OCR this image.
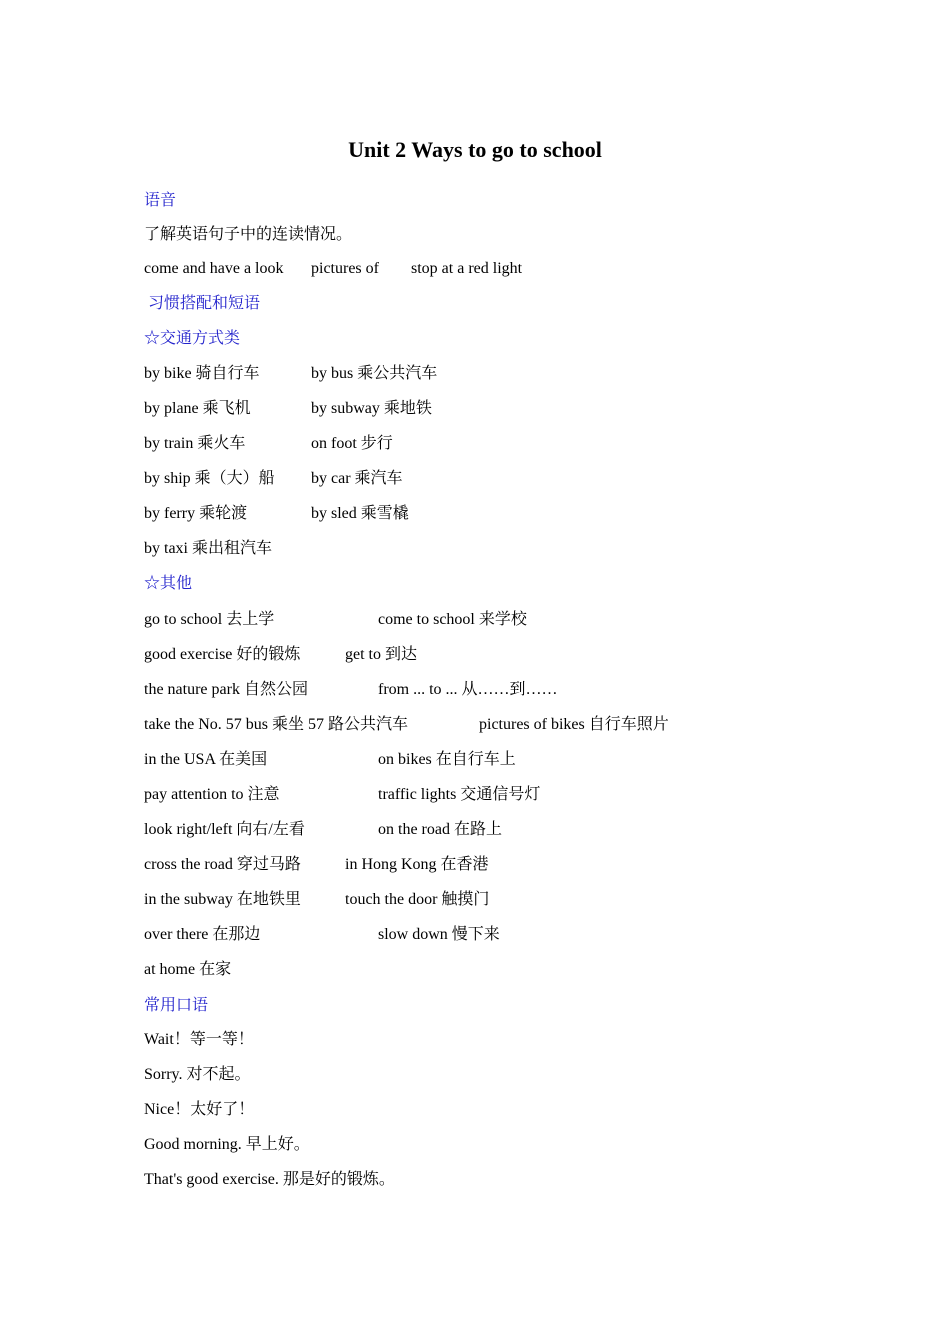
Unit 2 Ways to go to school
语音
了解英语句子中的连读情况。
come and have a look pictures of stop at a red light
习惯搭配和短语
☆交通方式类
by bike 骑自行车	by bus 乘公共汽车
by plane 乘飞机	by subway 乘地铁
by train 乘火车	on foot 步行
by ship 乘（大）船 by car 乘汽车
by ferry 乘轮渡	by sled 乘雪橇
by taxi 乘出租汽车
☆其他
go to school 去上学	come to school 来学校
good exercise 好的锻炼	get to 到达
the nature park 自然公园	from ... to ... 从……到……
take the No. 57 bus 乘坐 57 路公共汽车	pictures of bikes 自行车照片
in the USA 在美国	on bikes 在自行车上
pay attention to 注意	traffic lights 交通信号灯
look right/left 向右/左看	on the road 在路上
cross the road 穿过马路	in Hong Kong 在香港
in the subway 在地铁里	touch the door 触摸门
over there 在那边	slow down 慢下来
at home 在家
常用口语
Wait！等一等！
Sorry. 对不起。
Nice！太好了！
Good morning. 早上好。
That's good exercise. 那是好的锻炼。
